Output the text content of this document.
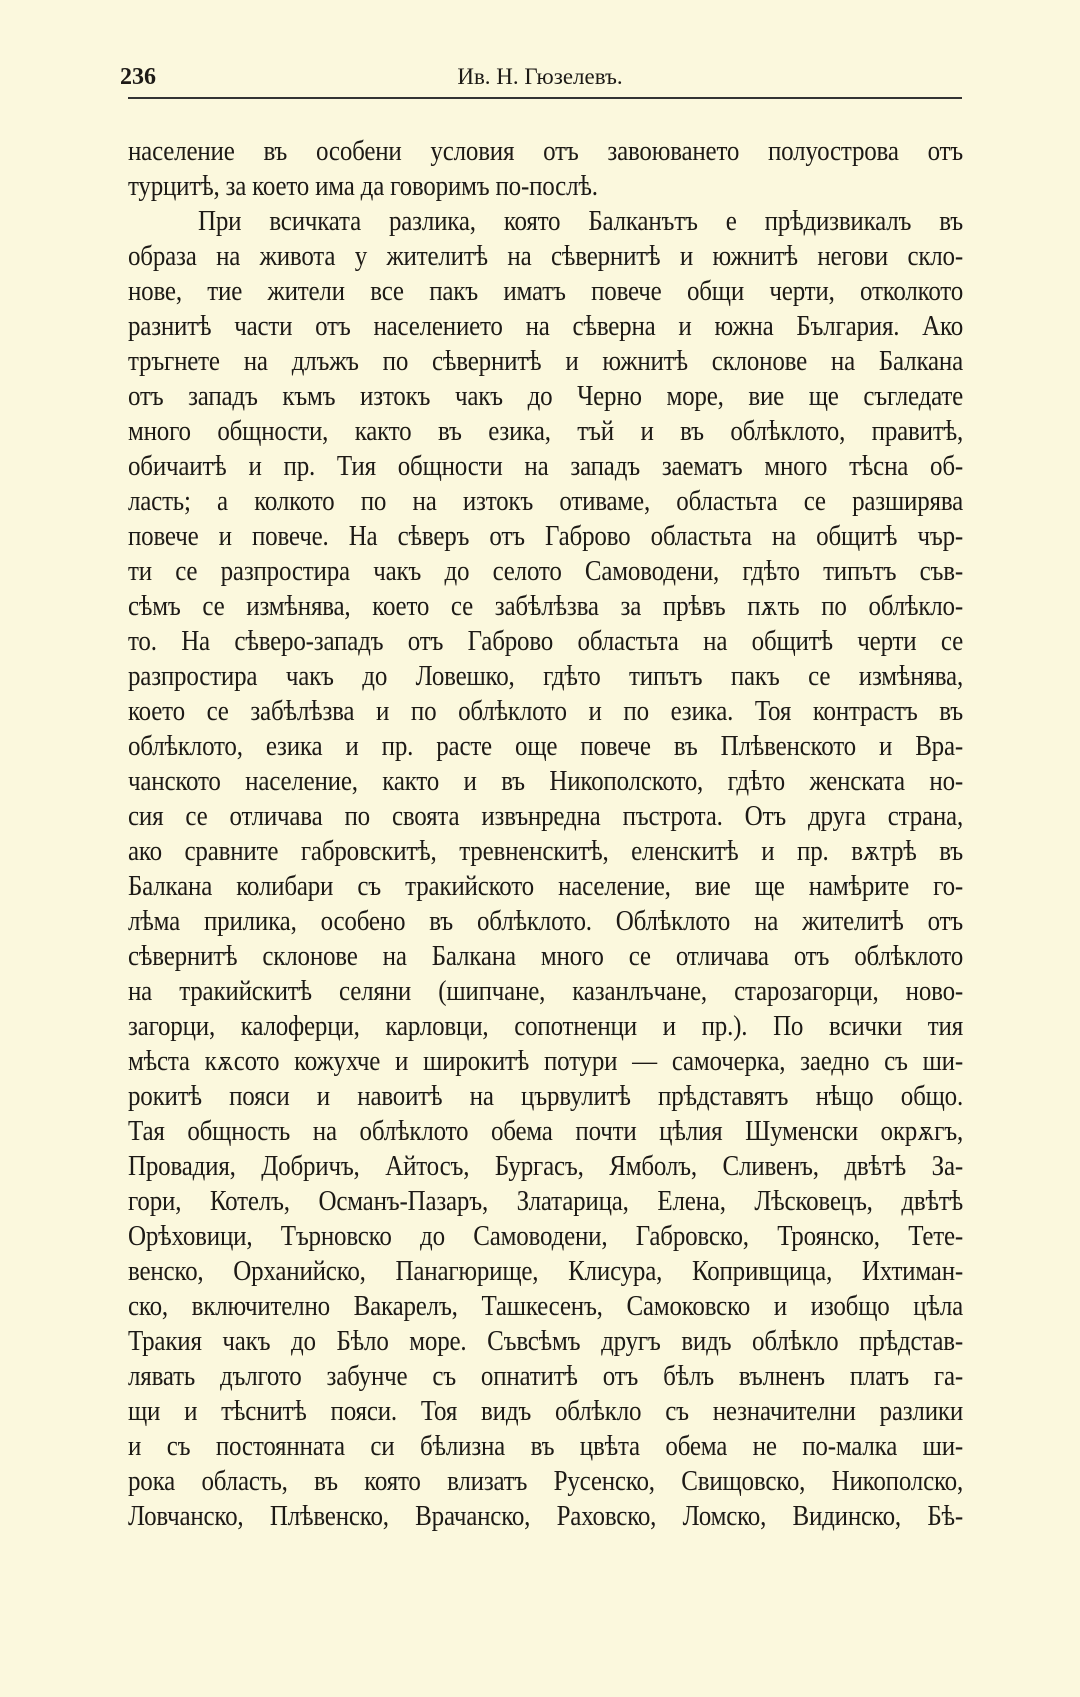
236	Ив. Н. Гюзелевъ.
население въ особени условия отъ завоюването полуострова отъ
турцитѣ, за което има да говоримъ по-послѣ.
При всичката разлика, която Балканътъ е прѣдизвикалъ въ
образа на живота у жителитѣ на сѣвернитѣ и южнитѣ негови скло-
нове, тие жители все пакъ иматъ повече общи черти, отколкото
разнитѣ части отъ населението на сѣверна и южна България. Ако
тръгнете на длъжъ по сѣвернитѣ и южнитѣ склонове на Балкана
отъ западъ къмъ изтокъ чакъ до Черно море, вие ще съгледате
много общности, както въ езика, тъй и въ облѣклото, правитѣ,
обичаитѣ и пр. Тия общности на западъ заематъ много тѣсна об-
ласть; а колкото по на изтокъ отиваме, областьта се разширява
повече и повече. На сѣверъ отъ Габрово областьта на общитѣ чър-
ти се разпростира чакъ до селото Самоводени, гдѣто типътъ съв-
сѣмъ се измѣнява, което се забѣлѣзва за прѣвъ пѫть по облѣкло-
то. На сѣверо-западъ отъ Габрово областьта на общитѣ черти се
разпростира чакъ до Ловешко, гдѣто типътъ пакъ се измѣнява,
което се забѣлѣзва и по облѣклото и по езика. Тоя контрастъ въ
облѣклото, езика и пр. расте още повече въ Плѣвенското и Вра-
чанското население, както и въ Никополското, гдѣто женската но-
сия се отличава по своята извънредна пъстрота. Отъ друга страна,
ако сравните габровскитѣ, тревненскитѣ, еленскитѣ и пр. вѫтрѣ въ
Балкана колибари съ тракийското население, вие ще намѣрите го-
лѣма прилика, особено въ облѣклото. Облѣклото на жителитѣ отъ
сѣвернитѣ склонове на Балкана много се отличава отъ облѣклото
на тракийскитѣ селяни (шипчане, казанлъчане, старозагорци, ново-
загорци, калоферци, карловци, сопотненци и пр.). По всички тия
мѣста кѫсото кожухче и широкитѣ потури — самочерка, заедно съ ши-
рокитѣ пояси и навоитѣ на цървулитѣ прѣдставятъ нѣщо общо.
Тая общность на облѣклото обема почти цѣлия Шуменски окрѫгъ,
Провадия, Добричъ, Айтосъ, Бургасъ, Ямболъ, Сливенъ, двѣтѣ За-
гори, Котелъ, Османъ-Пазаръ, Златарица, Елена, Лѣсковецъ, двѣтѣ
Орѣховици, Търновско до Самоводени, Габровско, Троянско, Тете-
венско, Орханийско, Панагюрище, Клисура, Копривщица, Ихтиман-
ско, включително Вакарелъ, Ташкесенъ, Самоковско и изобщо цѣла
Тракия чакъ до Бѣло море. Съвсѣмъ другъ видъ облѣкло прѣдстав-
лявать дългото забунче съ опнатитѣ отъ бѣлъ вълненъ платъ га-
щи и тѣснитѣ пояси. Тоя видъ облѣкло съ незначителни разлики
и съ постоянната си бѣлизна въ цвѣта обема не по-малка ши-
рока область, въ която влизатъ Русенско, Свищовско, Никополско,
Ловчанско, Плѣвенско, Врачанско, Раховско, Ломско, Видинско, Бѣ-
